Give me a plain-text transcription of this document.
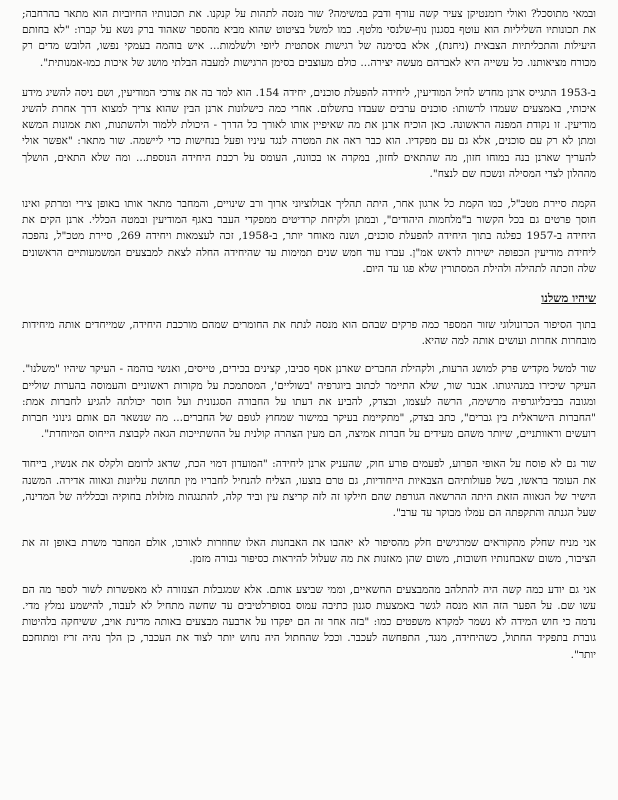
ובמאי מתוסכל? ואולי רומנטיקן צעיר קשה עורף ודבק במשימה? שור מנסה לתהות על קנקנו. את תכונותיו החיוביות הוא מתאר בהרחבה; את תכונותיו השליליות הוא עוטף בסגנון נוף-שלנסי מלטף. כמו למשל בציטוט שהוא מביא מהספר שאהוד ברק נשא על קברו: "לא בחותם היעילות והתכליתיות הצבאית (ניחנת), אלא בסימנה של רגישות אסתטית ליופי ולשלמות... איש בוהמה בעמקי נפשו, הלובש מדים רק מכורח מציאותנו. כל עשייה היא לאברהם מעשה יצירה... כולם מעוצבים בסימן הרגישות למעבה הבלתי מושג של איכות כמו-אמנותית".

ב-1953 התגייס ארנן מחדש לחיל המודיעין, ליחידה להפעלת סוכנים, יחידה 154. הוא למד בה את צורכי המודיעין, ושם ניסה להשיג מידע איכותי, באמצעים שעמדו לרשותו: סוכנים ערבים שעבדו בתשלום. אחרי כמה כישלונות ארנן הבין שהוא צריך למצוא דרך אחרת להשיג מודיעין. זו נקודת המפנה הראשונה. כאן הוכיח ארנן את מה שאיפיין אותו לאורך כל הדרך - היכולת ללמוד ולהשתנות, ואת אמונות המשא ומתן לא רק עם סוכנים, אלא גם עם מפקדיו. הוא כבר ראה את המטרה לנגד עיניו ופעל בנחישות כדי ליישמה. שור מתאר: "אפשר אולי להעריך שארנן בנה במוחו חזון, מה שהתאים לחזון, במקרה או בכוונה, העומס על רכבת היחידה הנוספת... ומה שלא התאים, הושלך מההלון לצדי המסילה ונשכח שם לנצח".

הקמת סיירת מטכ"ל, כמו הקמת כל ארגון אחר, היתה תהליך אבולוציוני ארוך ורב שינויים, והמחבר מתאר אותו באופן צירי ומרתק ואינו חוסך פרטים גם בכל הקשור ב"מלחמות היהודים", ובמתן ולקיחת קרדיטים ממפקדי העבר באגף המודיעין ובמטה הכללי. ארנן הקים את היחידה ב-1957 כפלגה בתוך היחידה להפעלת סוכנים, ושנה מאוחר יותר, ב-1958, זכה לעצמאות ויחידה 269, סיירת מטכ"ל, נהפכה ליחידת מודיעין הכפופה ישירות לראש אמ"ן. עברו עוד חמש שנים תמימות עד שהיחידה החלה לצאת למבצעים המשמעותיים הראשונים שלה וזכתה לתהילה ולהילת המסתורין שלא פגו עד היום.

שיהיו משלנו

בתוך הסיפור הכרונולוגי שזור המספר כמה פרקים שבהם הוא מנסה לנתח את החומרים שמהם מורכבת היחידה, שמייחדים אותה מיחידות מובחרות אחרות ועושים אותה למה שהיא.

שור למשל מקדיש פרק למושג הרעות, ולקהילת החברים שארנן אסף סביבו, קצינים בכירים, טייסים, ואנשי בוהמה - העיקר שיהיו "משלנו". העיקר שיכירו במנהיגותו. אבנר שור, שלא התיימר לכתוב ביוגרפיה 'בשוליים', המסתמכת על מקורות ראשוניים והעמוסה בהערות שוליים ומגובה בביבליוגרפיה מרשימה, הרשה לעצמו, ובצדק, להביע את דעתו על החבורה הסגנונית ועל חוסר יכולתה להגיע לחברות אמת: "החברות הישראלית בין גברים", כתב בצדק, "מתקיימת בעיקר במישור שמחוץ לגופם של החברים... מה שנשאר הם אותם גינוני חברות רועשים וראוותניים, שיותר משהם מעידים על חברות אמיצה, הם מעין הצהרה קולנית על ההשתייכות הגאה לקבוצת הייחוס המיוחדת".

שור גם לא פוסח על האופי הפרוע, לפעמים פורע חוק, שהעניק ארנן ליחידה: "המועדון דמוי הכת, שדאג לרומם ולקלס את אנשיו, בייחוד את העומד בראשו, בשל פעולותיהם הצבאיות הייחודיות, גם טרם בוצעו, הצליח להנחיל לחבריו מין תחושת עליונות וגאווה אדירה. המשנה הישיר של הגאווה הזאת היתה ההרשאה הגורפת שהם חילקו זה לזה קריצת עין וביד קלה, להתנגהות מזלזלת בחוקיה ובכלליה של המדינה, שעל הגנתה והתקפתה הם עמלו מבוקר עד ערב".

אני מניח שחלק מהקוראים שמרגישים חלק מהסיפור לא יאהבו את האבחנות האלו שחוזרות לאורכו, אולם המחבר משרת באופן זה את הציבור, משום שאבחנותיו חשובות, משום שהן מאזנות את מה שעלול להיראות כסיפור גבורה מזמן.

אני גם יודע כמה קשה היה להתלהב מהמבצעים החשאיים, וממי שביצע אותם. אלא שמגבלות הצנזורה לא מאפשרות לשור לספר מה הם עשו שם. על הפער הזה הוא מנסה לגשר באמצעות סגנון כתיבה עמוס בסופרלטיבים עד שחשה מתחיל לא לעבוד, להישמע נמלץ מדי. נדמה כי חוש המידה לא נשמר למקרא משפטים כמו: "בזה אחר זה הם יפקדו על ארבעה מבצעים באותה מדינת אויב, ששיחקה בלהיטות גוברת בתפקיד החתול, כשהיחידה, מנגד, התפחשה לעכבר. וככל שהחתול היה נחוש יותר לצוד את העכבר, כן הלך נהיה זריז ומתוחכם יותר".
